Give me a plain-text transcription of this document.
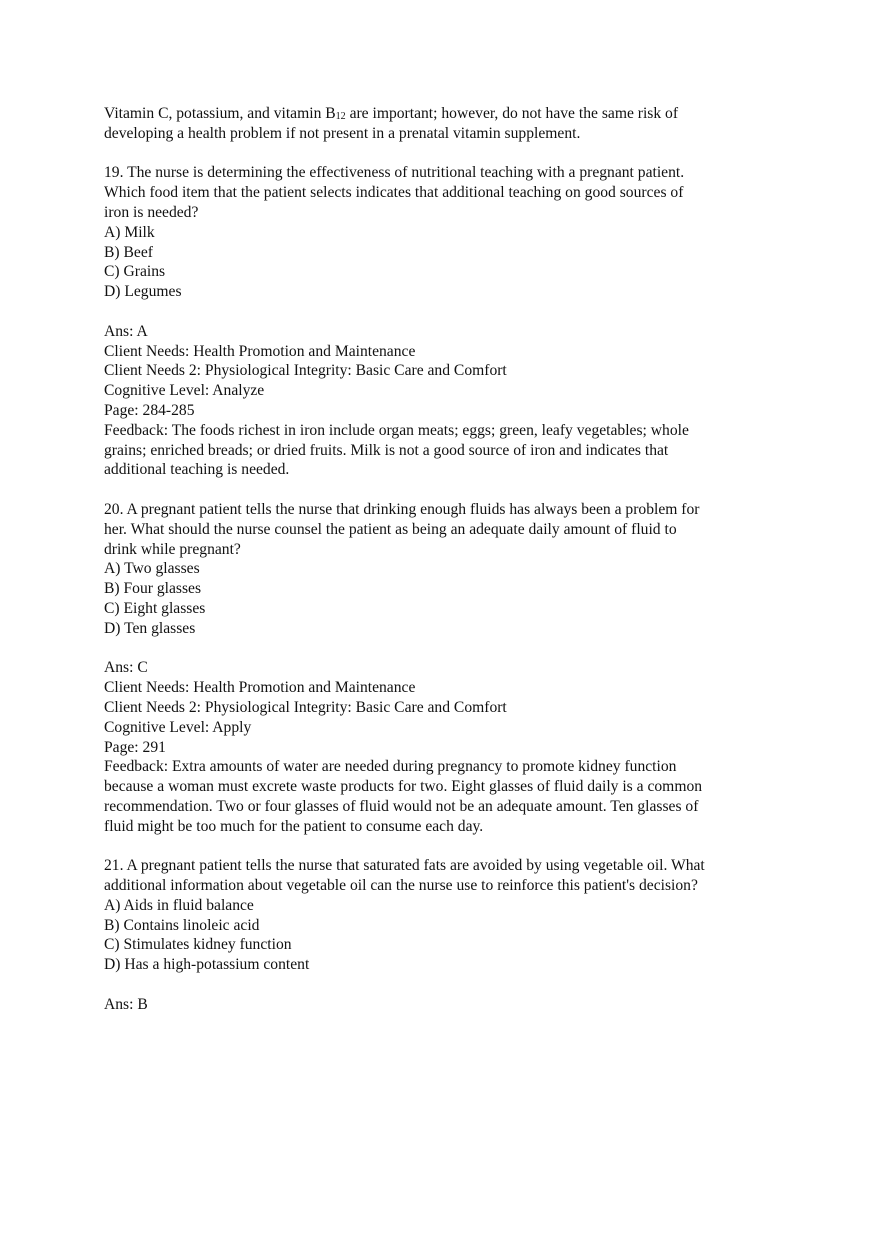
Vitamin C, potassium, and vitamin $B_{12}$ are important; however, do not have the same risk of
developing a health problem if not present in a prenatal vitamin supplement.

19. The nurse is determining the effectiveness of nutritional teaching with a pregnant patient.
Which food item that the patient selects indicates that additional teaching on good sources of
iron is needed?
A) Milk
B) Beef
C) Grains
D) Legumes
Ans: A
Client Needs: Health Promotion and Maintenance
Client Needs 2: Physiological Integrity: Basic Care and Comfort
Cognitive Level: Analyze
Page: 284-285
Feedback: The foods richest in iron include organ meats; eggs; green, leafy vegetables; whole
grains; enriched breads; or dried fruits. Milk is not a good source of iron and indicates that
additional teaching is needed.
20. A pregnant patient tells the nurse that drinking enough fluids has always been a problem for
her. What should the nurse counsel the patient as being an adequate daily amount of fluid to
drink while pregnant?
A) Two glasses
B) Four glasses
C) Eight glasses
D) Ten glasses
Ans: C
Client Needs: Health Promotion and Maintenance
Client Needs 2: Physiological Integrity: Basic Care and Comfort
Cognitive Level: Apply
Page: 291
Feedback: Extra amounts of water are needed during pregnancy to promote kidney function
because a woman must excrete waste products for two. Eight glasses of fluid daily is a common
recommendation. Two or four glasses of fluid would not be an adequate amount. Ten glasses of
fluid might be too much for the patient to consume each day.
21. A pregnant patient tells the nurse that saturated fats are avoided by using vegetable oil. What
additional information about vegetable oil can the nurse use to reinforce this patient's decision?
A) Aids in fluid balance
B) Contains linoleic acid
C) Stimulates kidney function
D) Has a high-potassium content
Ans: B
